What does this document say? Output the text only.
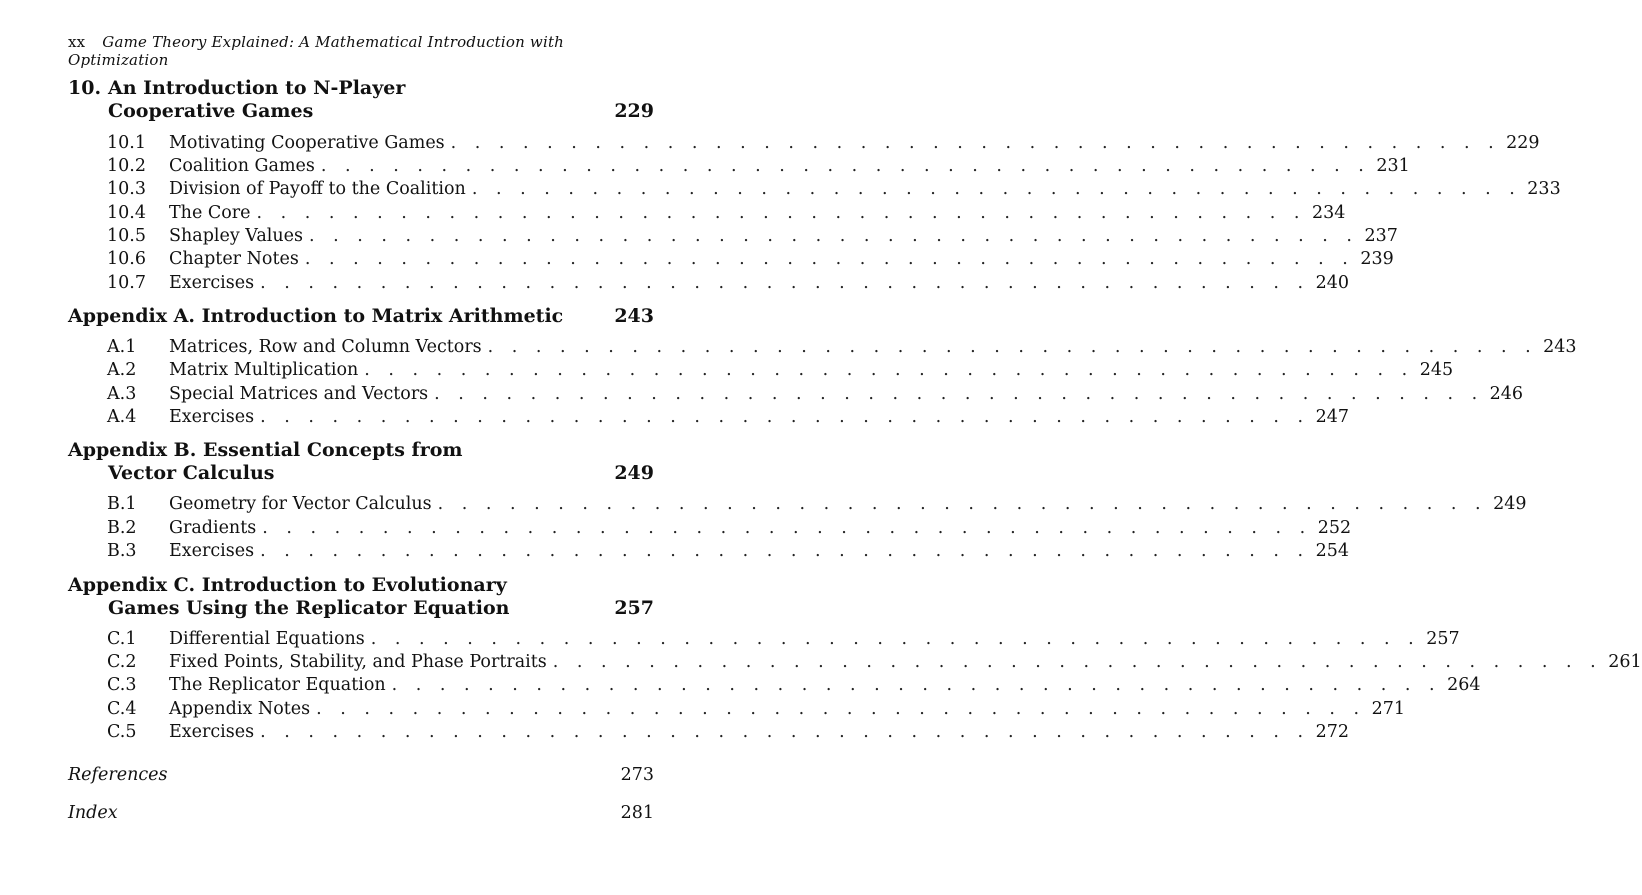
xx Game Theory Explained: A Mathematical Introduction with Optimization
10. An Introduction to N-Player
Cooperative Games	229
10.1	Motivating Cooperative Games . . . . . . . . . . . . . . . . . . . . . . . . . . . . . . . . . . . . . . . . . . . . 229
10.2	Coalition Games . . . . . . . . . . . . . . . . . . . . . . . . . . . . . . . . . . . . . . . . . . . . 231
10.3	Division of Payoff to the Coalition . . . . . . . . . . . . . . . . . . . . . . . . . . . . . . . . . . . . . . . . . . . . 233
10.4	The Core . . . . . . . . . . . . . . . . . . . . . . . . . . . . . . . . . . . . . . . . . . . . 234
10.5	Shapley Values . . . . . . . . . . . . . . . . . . . . . . . . . . . . . . . . . . . . . . . . . . . . 237
10.6	Chapter Notes . . . . . . . . . . . . . . . . . . . . . . . . . . . . . . . . . . . . . . . . . . . . 239
10.7	Exercises . . . . . . . . . . . . . . . . . . . . . . . . . . . . . . . . . . . . . . . . . . . . 240
Appendix A. Introduction to Matrix Arithmetic	243
A.1	Matrices, Row and Column Vectors . . . . . . . . . . . . . . . . . . . . . . . . . . . . . . . . . . . . . . . . . . . . 243
A.2	Matrix Multiplication . . . . . . . . . . . . . . . . . . . . . . . . . . . . . . . . . . . . . . . . . . . . 245
A.3	Special Matrices and Vectors . . . . . . . . . . . . . . . . . . . . . . . . . . . . . . . . . . . . . . . . . . . . 246
A.4	Exercises . . . . . . . . . . . . . . . . . . . . . . . . . . . . . . . . . . . . . . . . . . . . 247
Appendix B. Essential Concepts from
Vector Calculus	249
B.1	Geometry for Vector Calculus . . . . . . . . . . . . . . . . . . . . . . . . . . . . . . . . . . . . . . . . . . . . 249
B.2	Gradients . . . . . . . . . . . . . . . . . . . . . . . . . . . . . . . . . . . . . . . . . . . . 252
B.3	Exercises . . . . . . . . . . . . . . . . . . . . . . . . . . . . . . . . . . . . . . . . . . . . 254
Appendix C. Introduction to Evolutionary
Games Using the Replicator Equation	257
C.1	Differential Equations . . . . . . . . . . . . . . . . . . . . . . . . . . . . . . . . . . . . . . . . . . . . 257
C.2	Fixed Points, Stability, and Phase Portraits . . . . . . . . . . . . . . . . . . . . . . . . . . . . . . . . . . . . . . . . . . . . 261
C.3	The Replicator Equation . . . . . . . . . . . . . . . . . . . . . . . . . . . . . . . . . . . . . . . . . . . . 264
C.4	Appendix Notes . . . . . . . . . . . . . . . . . . . . . . . . . . . . . . . . . . . . . . . . . . . . 271
C.5	Exercises . . . . . . . . . . . . . . . . . . . . . . . . . . . . . . . . . . . . . . . . . . . . 272
References	273
Index	281
